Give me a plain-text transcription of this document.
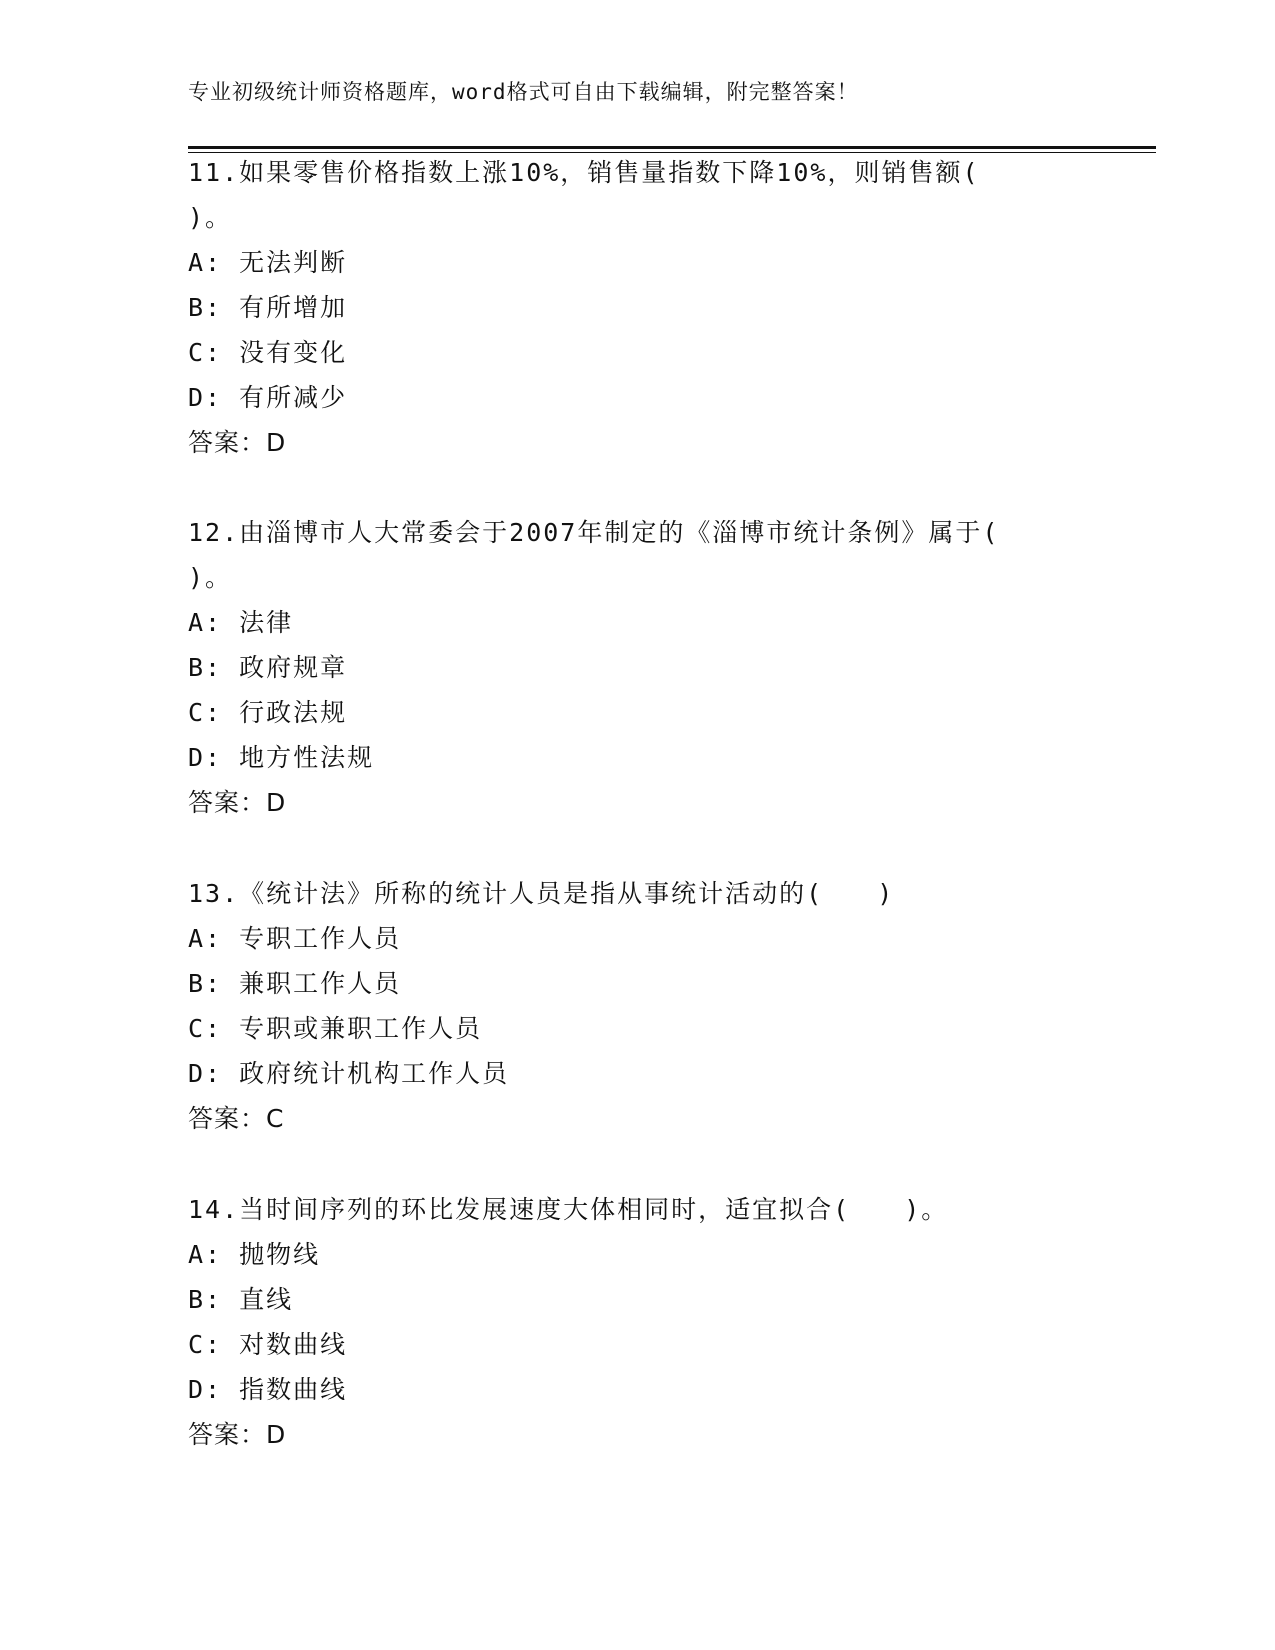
专业初级统计师资格题库，word格式可自由下载编辑，附完整答案！
11.如果零售价格指数上涨10%，销售量指数下降10%，则销售额(
)。
A: 无法判断
B: 有所增加
C: 没有变化
D: 有所减少
答案：D
12.由淄博市人大常委会于2007年制定的《淄博市统计条例》属于(
)。
A: 法律
B: 政府规章
C: 行政法规
D: 地方性法规
答案：D
13.《统计法》所称的统计人员是指从事统计活动的(　　)
A: 专职工作人员
B: 兼职工作人员
C: 专职或兼职工作人员
D: 政府统计机构工作人员
答案：C
14.当时间序列的环比发展速度大体相同时，适宜拟合(　　)。
A: 抛物线
B: 直线
C: 对数曲线
D: 指数曲线
答案：D
